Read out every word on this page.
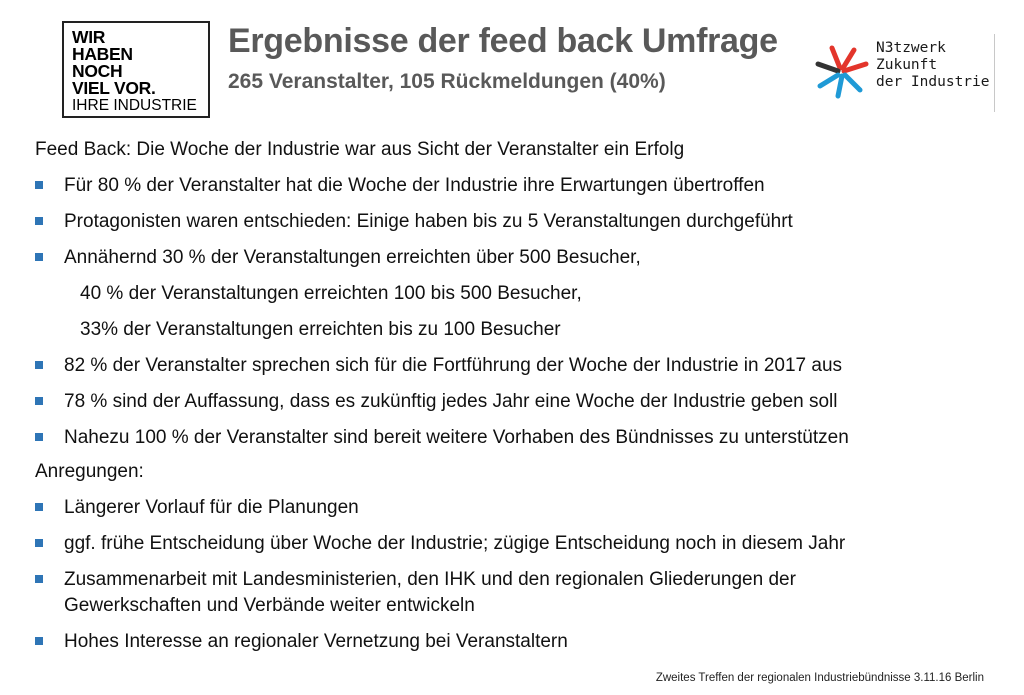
WIR
HABEN
NOCH
VIEL VOR.
IHRE INDUSTRIE
Ergebnisse der feed back Umfrage
265 Veranstalter, 105 Rückmeldungen (40%)
N3tzwerk
Zukunft
der Industrie
Feed Back: Die Woche der Industrie war aus Sicht der Veranstalter ein Erfolg
Für 80 % der Veranstalter hat die Woche der Industrie ihre Erwartungen übertroffen
Protagonisten waren entschieden: Einige haben bis zu 5 Veranstaltungen durchgeführt
Annähernd 30 % der Veranstaltungen erreichten über 500 Besucher,
40 % der Veranstaltungen erreichten 100 bis 500 Besucher,
33% der Veranstaltungen erreichten bis zu 100 Besucher
82 % der Veranstalter sprechen sich für die Fortführung der Woche der Industrie in 2017 aus
78 % sind der Auffassung, dass es zukünftig jedes Jahr eine Woche der Industrie geben soll
Nahezu 100 % der Veranstalter sind bereit weitere Vorhaben des Bündnisses zu unterstützen
Anregungen:
Längerer Vorlauf für die Planungen
ggf. frühe Entscheidung über Woche der Industrie; zügige Entscheidung noch in diesem Jahr
Zusammenarbeit mit Landesministerien, den IHK und den regionalen Gliederungen der
Gewerkschaften und Verbände weiter entwickeln
Hohes Interesse an regionaler Vernetzung bei Veranstaltern
Zweites Treffen der regionalen Industriebündnisse 3.11.16 Berlin
